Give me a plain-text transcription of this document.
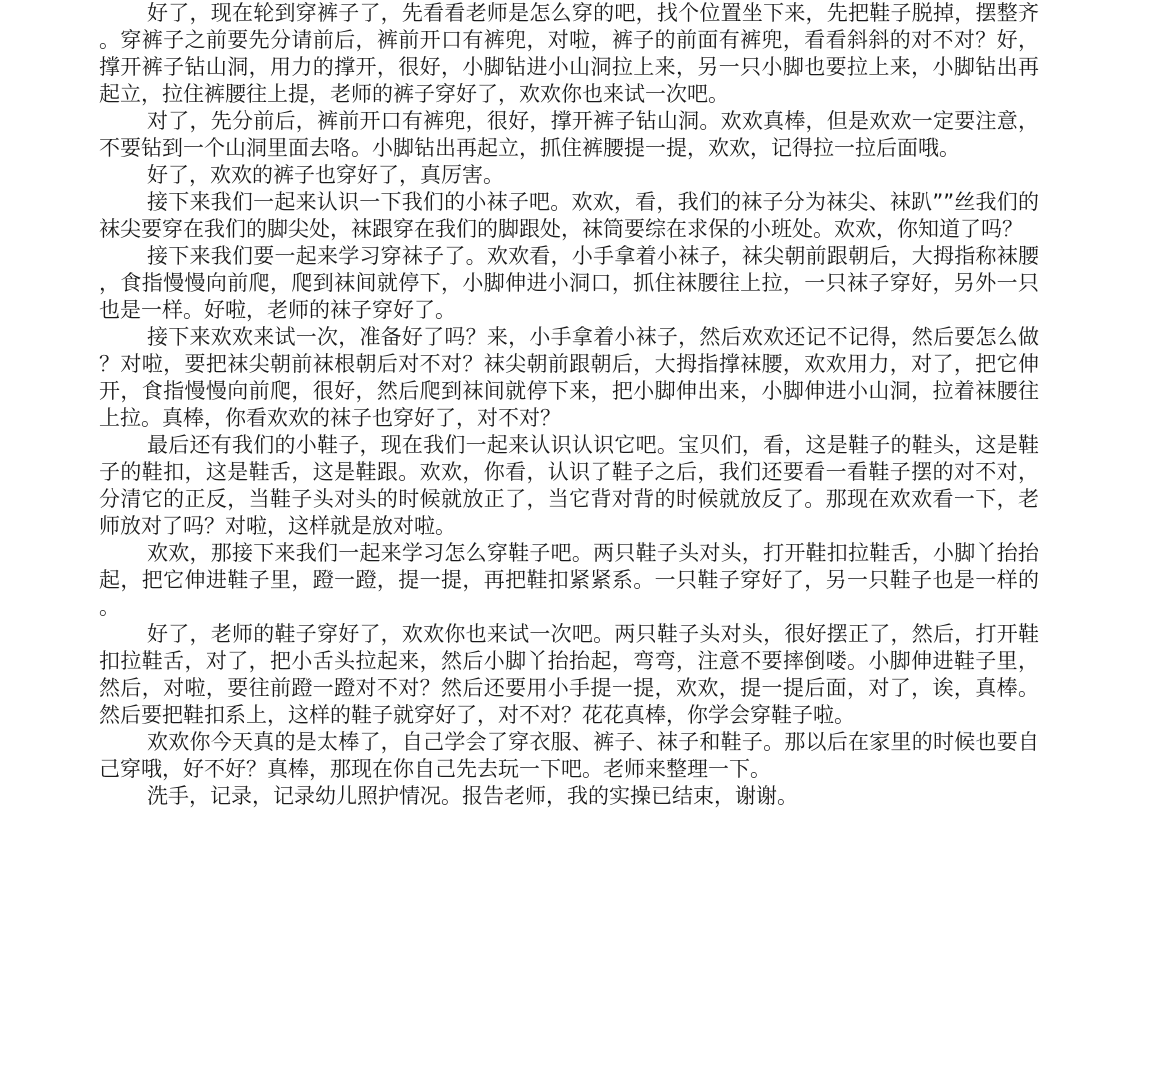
好了，现在轮到穿裤子了，先看看老师是怎么穿的吧，找个位置坐下来，先把鞋子脱掉，摆整齐。穿裤子之前要先分请前后，裤前开口有裤兜，对啦，裤子的前面有裤兜，看看斜斜的对不对？好，撑开裤子钻山洞，用力的撑开，很好，小脚钻进小山洞拉上来，另一只小脚也要拉上来，小脚钻出再起立，拉住裤腰往上提，老师的裤子穿好了，欢欢你也来试一次吧。

对了，先分前后，裤前开口有裤兜，很好，撑开裤子钻山洞。欢欢真棒，但是欢欢一定要注意，不要钻到一个山洞里面去咯。小脚钻出再起立，抓住裤腰提一提，欢欢，记得拉一拉后面哦。

好了，欢欢的裤子也穿好了，真厉害。

接下来我们一起来认识一下我们的小袜子吧。欢欢，看，我们的袜子分为袜尖、袜趴””丝我们的袜尖要穿在我们的脚尖处，袜跟穿在我们的脚跟处，袜筒要综在求保的小班处。欢欢，你知道了吗？

接下来我们要一起来学习穿袜子了。欢欢看，小手拿着小袜子，袜尖朝前跟朝后，大拇指称袜腰，食指慢慢向前爬，爬到袜间就停下，小脚伸进小洞口，抓住袜腰往上拉，一只袜子穿好，另外一只也是一样。好啦，老师的袜子穿好了。

接下来欢欢来试一次，准备好了吗？来，小手拿着小袜子，然后欢欢还记不记得，然后要怎么做？对啦，要把袜尖朝前袜根朝后对不对？袜尖朝前跟朝后，大拇指撑袜腰，欢欢用力，对了，把它伸开，食指慢慢向前爬，很好，然后爬到袜间就停下来，把小脚伸出来，小脚伸进小山洞，拉着袜腰往上拉。真棒，你看欢欢的袜子也穿好了，对不对？

最后还有我们的小鞋子，现在我们一起来认识认识它吧。宝贝们，看，这是鞋子的鞋头，这是鞋子的鞋扣，这是鞋舌，这是鞋跟。欢欢，你看，认识了鞋子之后，我们还要看一看鞋子摆的对不对，分清它的正反，当鞋子头对头的时候就放正了，当它背对背的时候就放反了。那现在欢欢看一下，老师放对了吗？对啦，这样就是放对啦。

欢欢，那接下来我们一起来学习怎么穿鞋子吧。两只鞋子头对头，打开鞋扣拉鞋舌，小脚丫抬抬起，把它伸进鞋子里，蹬一蹬，提一提，再把鞋扣紧紧系。一只鞋子穿好了，另一只鞋子也是一样的。

好了，老师的鞋子穿好了，欢欢你也来试一次吧。两只鞋子头对头，很好摆正了，然后，打开鞋扣拉鞋舌，对了，把小舌头拉起来，然后小脚丫抬抬起，弯弯，注意不要摔倒喽。小脚伸进鞋子里，然后，对啦，要往前蹬一蹬对不对？然后还要用小手提一提，欢欢，提一提后面，对了，诶，真棒。然后要把鞋扣系上，这样的鞋子就穿好了，对不对？花花真棒，你学会穿鞋子啦。

欢欢你今天真的是太棒了，自己学会了穿衣服、裤子、袜子和鞋子。那以后在家里的时候也要自己穿哦，好不好？真棒，那现在你自己先去玩一下吧。老师来整理一下。

洗手，记录，记录幼儿照护情况。报告老师，我的实操已结束，谢谢。
